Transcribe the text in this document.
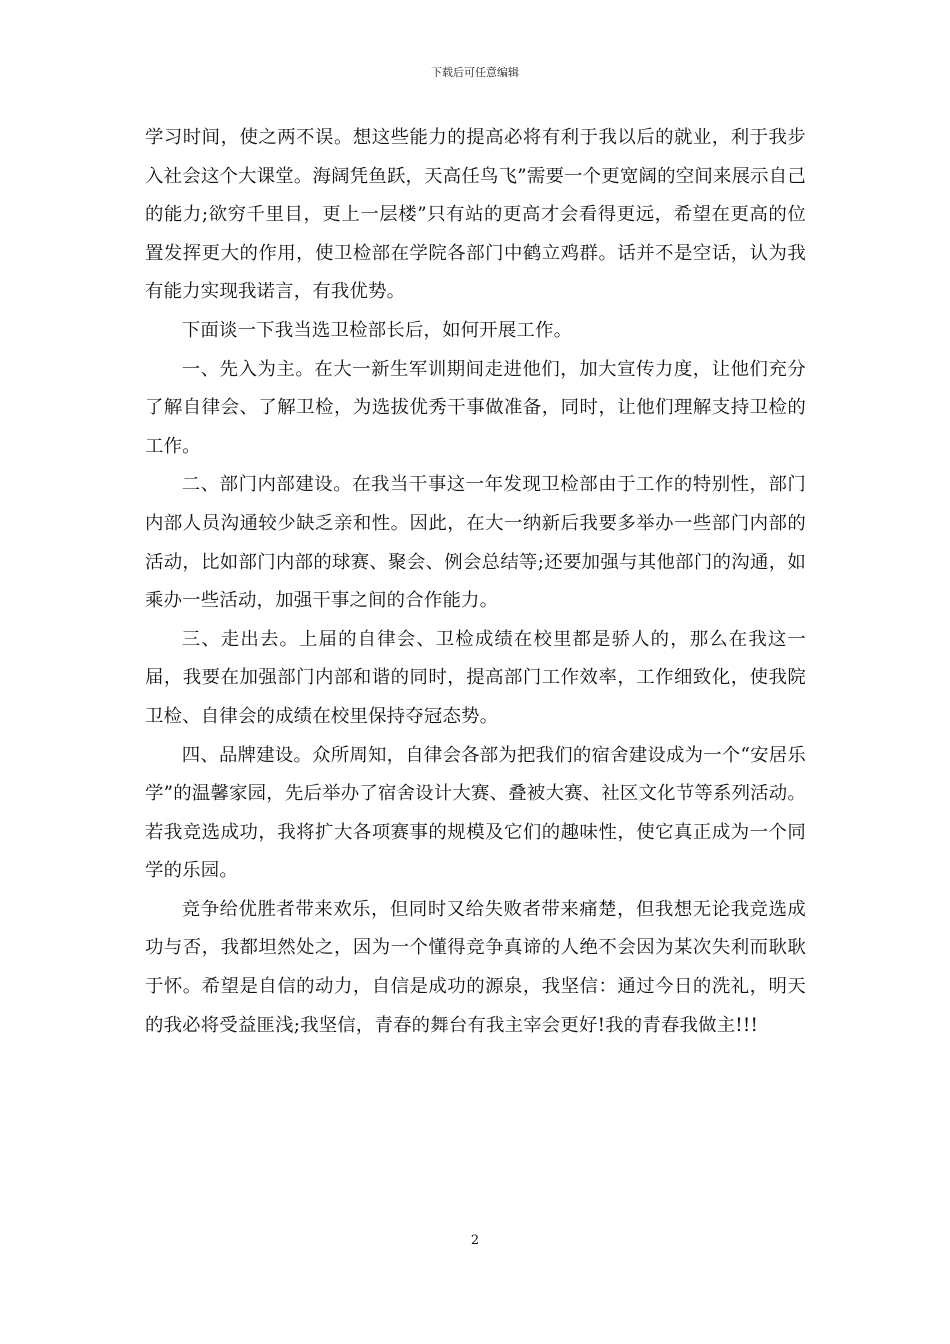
下载后可任意编辑

学习时间，使之两不误。想这些能力的提高必将有利于我以后的就业，利于我步入社会这个大课堂。海阔凭鱼跃，天高任鸟飞”需要一个更宽阔的空间来展示自己的能力;欲穷千里目，更上一层楼”只有站的更高才会看得更远，希望在更高的位置发挥更大的作用，使卫检部在学院各部门中鹤立鸡群。话并不是空话，认为我有能力实现我诺言，有我优势。

下面谈一下我当选卫检部长后，如何开展工作。

一、先入为主。在大一新生军训期间走进他们，加大宣传力度，让他们充分了解自律会、了解卫检，为选拔优秀干事做准备，同时，让他们理解支持卫检的工作。

二、部门内部建设。在我当干事这一年发现卫检部由于工作的特别性，部门内部人员沟通较少缺乏亲和性。因此，在大一纳新后我要多举办一些部门内部的活动，比如部门内部的球赛、聚会、例会总结等;还要加强与其他部门的沟通，如乘办一些活动，加强干事之间的合作能力。

三、走出去。上届的自律会、卫检成绩在校里都是骄人的，那么在我这一届，我要在加强部门内部和谐的同时，提高部门工作效率，工作细致化，使我院卫检、自律会的成绩在校里保持夺冠态势。

四、品牌建设。众所周知，自律会各部为把我们的宿舍建设成为一个“安居乐学”的温馨家园，先后举办了宿舍设计大赛、叠被大赛、社区文化节等系列活动。若我竞选成功，我将扩大各项赛事的规模及它们的趣味性，使它真正成为一个同学的乐园。

竞争给优胜者带来欢乐，但同时又给失败者带来痛楚，但我想无论我竞选成功与否，我都坦然处之，因为一个懂得竞争真谛的人绝不会因为某次失利而耿耿于怀。希望是自信的动力，自信是成功的源泉，我坚信：通过今日的洗礼，明天的我必将受益匪浅;我坚信，青春的舞台有我主宰会更好!我的青春我做主!!!

2
